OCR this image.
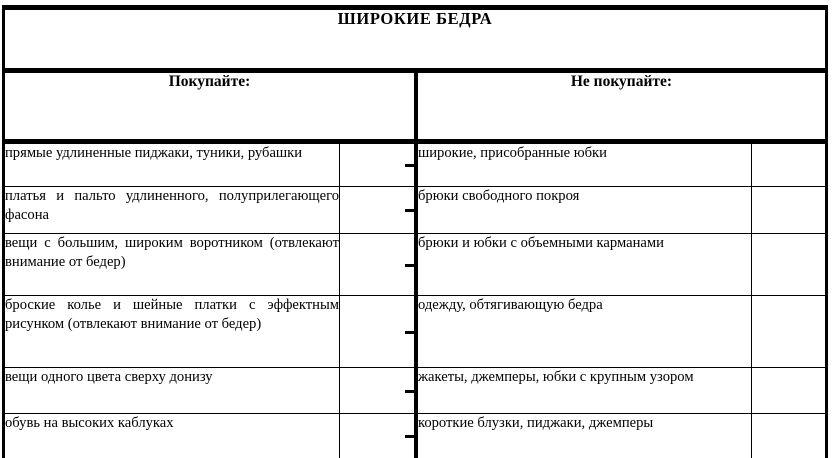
ШИРОКИЕ БЕДРА			

Покупайте:		Не покупайте:	

прямые удлиненные пиджаки, туники, рубашки		широкие, присобранные юбки	
платья и пальто удлиненного, полуприлегающего фасона		брюки свободного покроя	
вещи с большим, широким воротником (отвлекают внимание от бедер)		брюки и юбки с объемными карманами	
броские колье и шейные платки с эффектным рисунком (отвлекают внимание от бедер)		одежду, обтягивающую бедра	
вещи одного цвета сверху донизу		жакеты, джемперы, юбки с крупным узором	
обувь на высоких каблуках		короткие блузки, пиджаки, джемперы	
